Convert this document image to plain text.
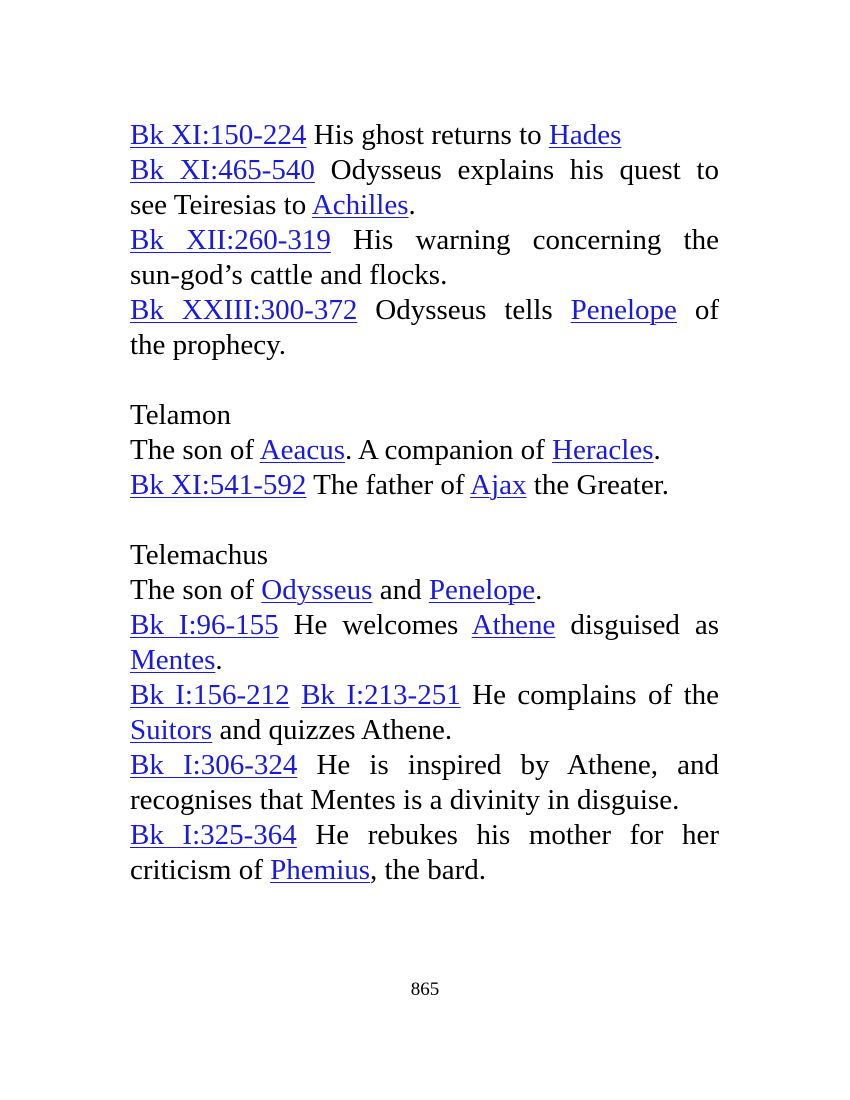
Bk XI:150-224 His ghost returns to Hades
Bk XI:465-540 Odysseus explains his quest to
see Teiresias to Achilles.
Bk XII:260-319 His warning concerning the
sun-god’s cattle and flocks.
Bk XXIII:300-372 Odysseus tells Penelope of
the prophecy.
Telamon
The son of Aeacus. A companion of Heracles.
Bk XI:541-592 The father of Ajax the Greater.
Telemachus
The son of Odysseus and Penelope.
Bk I:96-155 He welcomes Athene disguised as
Mentes.
Bk I:156-212 Bk I:213-251 He complains of the
Suitors and quizzes Athene.
Bk I:306-324 He is inspired by Athene, and
recognises that Mentes is a divinity in disguise.
Bk I:325-364 He rebukes his mother for her
criticism of Phemius, the bard.
865
